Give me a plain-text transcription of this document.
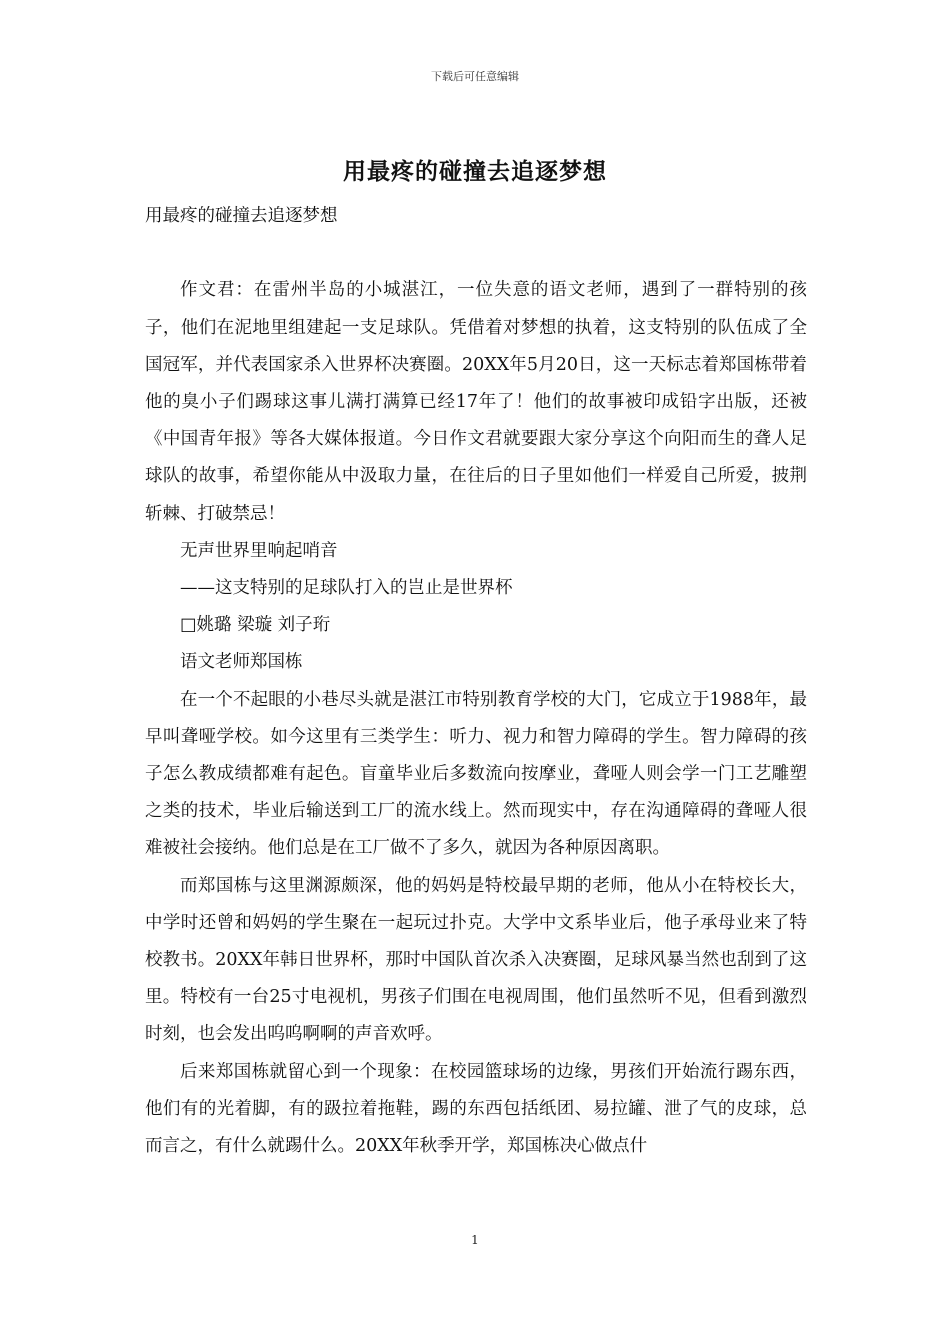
下载后可任意编辑
用最疼的碰撞去追逐梦想

用最疼的碰撞去追逐梦想

作文君：在雷州半岛的小城湛江，一位失意的语文老师，遇到了一群特别的孩子，他们在泥地里组建起一支足球队。凭借着对梦想的执着，这支特别的队伍成了全国冠军，并代表国家杀入世界杯决赛圈。20XX年5月20日，这一天标志着郑国栋带着他的臭小子们踢球这事儿满打满算已经17年了！他们的故事被印成铅字出版，还被《中国青年报》等各大媒体报道。今日作文君就要跟大家分享这个向阳而生的聋人足球队的故事，希望你能从中汲取力量，在往后的日子里如他们一样爱自己所爱，披荆斩棘、打破禁忌！

无声世界里响起哨音

——这支特别的足球队打入的岂止是世界杯

□姚璐 梁璇 刘子珩

语文老师郑国栋

在一个不起眼的小巷尽头就是湛江市特别教育学校的大门，它成立于1988年，最早叫聋哑学校。如今这里有三类学生：听力、视力和智力障碍的学生。智力障碍的孩子怎么教成绩都难有起色。盲童毕业后多数流向按摩业，聋哑人则会学一门工艺雕塑之类的技术，毕业后输送到工厂的流水线上。然而现实中，存在沟通障碍的聋哑人很难被社会接纳。他们总是在工厂做不了多久，就因为各种原因离职。

而郑国栋与这里渊源颇深，他的妈妈是特校最早期的老师，他从小在特校长大，中学时还曾和妈妈的学生聚在一起玩过扑克。大学中文系毕业后，他子承母业来了特校教书。20XX年韩日世界杯，那时中国队首次杀入决赛圈，足球风暴当然也刮到了这里。特校有一台25寸电视机，男孩子们围在电视周围，他们虽然听不见，但看到激烈时刻，也会发出呜呜啊啊的声音欢呼。

后来郑国栋就留心到一个现象：在校园篮球场的边缘，男孩们开始流行踢东西，他们有的光着脚，有的趿拉着拖鞋，踢的东西包括纸团、易拉罐、泄了气的皮球，总而言之，有什么就踢什么。20XX年秋季开学，郑国栋决心做点什

1
